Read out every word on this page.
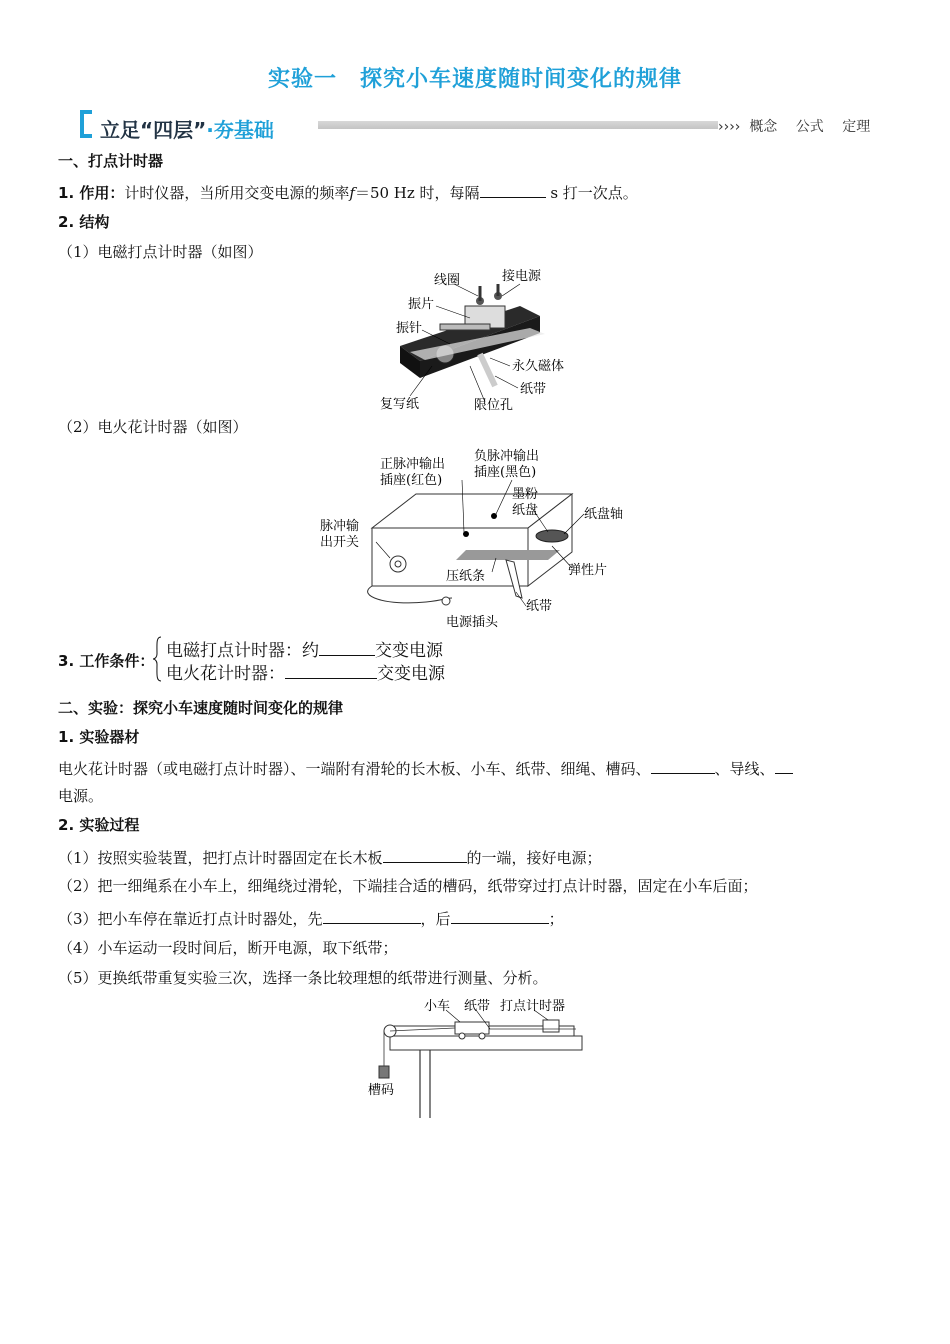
实验一　探究小车速度随时间变化的规律
立足“四层”·夯基础	›››› 概念　 公式　 定理
一、打点计时器
1. 作用：计时仪器，当所用交变电源的频率f＝50 Hz 时，每隔	s 打一次点。
2. 结构
（1）电磁打点计时器（如图）
线圈	接电源
振片
振针
永久磁体
纸带
复写纸	限位孔
（2）电火花计时器（如图）
正脉冲输出
插座(红色)
负脉冲输出
插座(黑色)
墨粉
纸盘	纸盘轴
脉冲输
出开关
压纸条	弹性片
纸带
电源插头
3. 工作条件： 电磁打点计时器：约	交变电源
电火花计时器：	交变电源
二、实验：探究小车速度随时间变化的规律
1. 实验器材
电火花计时器（或电磁打点计时器）、一端附有滑轮的长木板、小车、纸带、细绳、槽码、	、导线、
电源。
2. 实验过程
（1）按照实验装置，把打点计时器固定在长木板	的一端，接好电源；
（2）把一细绳系在小车上，细绳绕过滑轮，下端挂合适的槽码，纸带穿过打点计时器，固定在小车后面；
（3）把小车停在靠近打点计时器处，先	，后	；
（4）小车运动一段时间后，断开电源，取下纸带；
（5）更换纸带重复实验三次，选择一条比较理想的纸带进行测量、分析。
小车 纸带 打点计时器
槽码
